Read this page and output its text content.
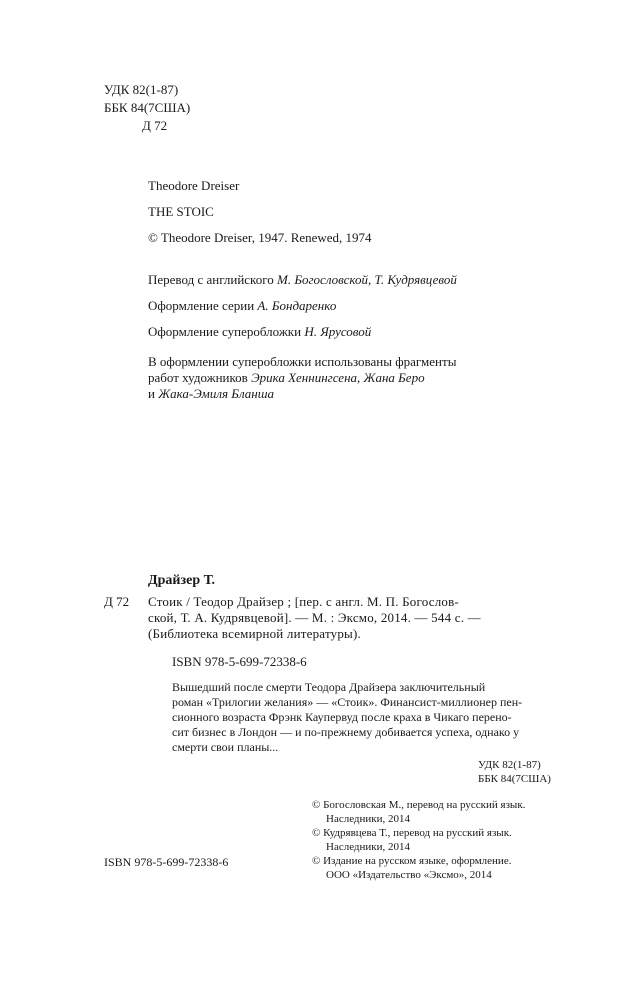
УДК 82(1-87)
ББК 84(7США)
Д 72
Theodore Dreiser
THE STOIC
© Theodore Dreiser, 1947. Renewed, 1974
Перевод с английского М. Богословской, Т. Кудрявцевой
Оформление серии А. Бондаренко
Оформление суперобложки Н. Ярусовой
В оформлении суперобложки использованы фрагменты
работ художников Эрика Хеннингсена, Жана Беро
и Жака-Эмиля Бланша
Драйзер Т.
Д 72 Стоик / Теодор Драйзер ; [пер. с англ. М. П. Богослов-
ской, Т. А. Кудрявцевой]. — М. : Эксмо, 2014. — 544 с. —
(Библиотека всемирной литературы).
ISBN 978-5-699-72338-6
Вышедший после смерти Теодора Драйзера заключительный
роман «Трилогии желания» — «Стоик». Финансист-миллионер пен-
сионного возраста Фрэнк Каупервуд после краха в Чикаго перено-
сит бизнес в Лондон — и по-прежнему добивается успеха, однако у
смерти свои планы...
УДК 82(1-87)
ББК 84(7США)
© Богословская М., перевод на русский язык.
Наследники, 2014
© Кудрявцева Т., перевод на русский язык.
Наследники, 2014
© Издание на русском языке, оформление.
ООО «Издательство «Эксмо», 2014
ISBN 978-5-699-72338-6
